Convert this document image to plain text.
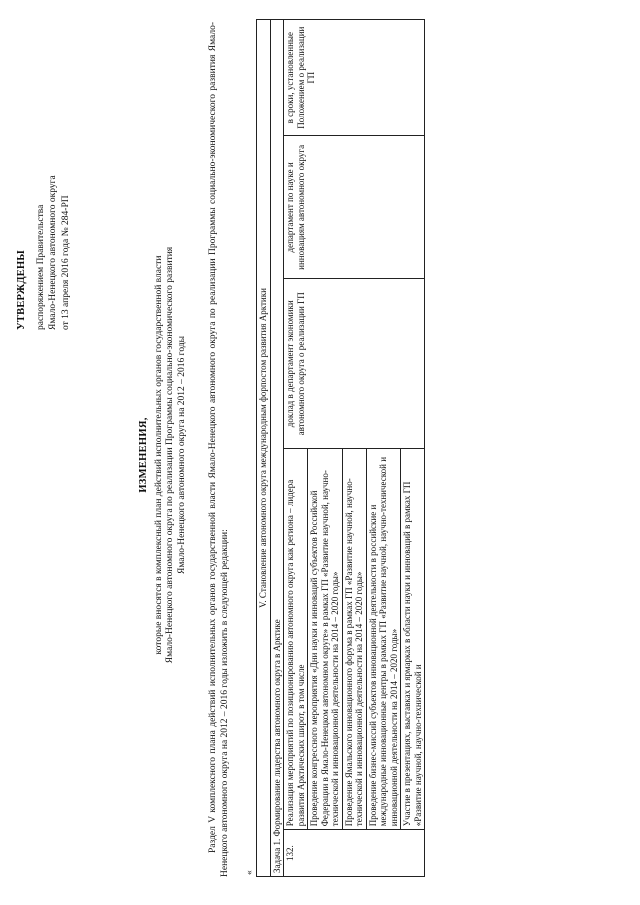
УТВЕРЖДЕНЫ распоряжением Правительства Ямало-Ненецкого автономного округа от 13 апреля 2016 года № 284-РП
ИЗМЕНЕНИЯ, которые вносятся в комплексный план действий исполнительных органов государственной власти Ямало-Ненецкого автономного округа по реализации Программы социально-экономического развития Ямало-Ненецкого автономного округа на 2012 – 2016 годы Раздел V комплексного плана действий исполнительных органов государственной власти Ямало-Ненецкого автономного округа по реализации Программы социально-экономического развития Ямало-Ненецкого автономного округа на 2012 – 2016 годы изложить в следующей редакции: «
V. Становление автономного округа международным форпостом развития Арктики
Задача 1. Формирование лидерства автономного округа в Арктике
132.	Реализация мероприятий по позиционированию автономного округа как региона – лидера развития Арктических широт, в том числе	доклад в департамент экономики автономного округа о реализации ГП	департамент по науке и инновациям автономного округа	в сроки, установленные Положением о реализации ГП
Проведение конгрессного мероприятия «Дни науки и инноваций субъектов Российской Федерации в Ямало-Ненецком автономном округе» в рамках ГП «Развитие научной, научно-технической и инновационной деятельности на 2014 – 2020 годы»
Проведение Ямальского инновационного форума в рамках ГП «Развитие научной, научно-технической и инновационной деятельности на 2014 – 2020 годы»
Проведение бизнес-миссий субъектов инновационной деятельности в российские и международные инновационные центры в рамках ГП «Развитие научной, научно-технической и инновационной деятельности на 2014 – 2020 годы»
Участие в презентациях, выставках и ярмарках в области науки и инноваций в рамках ГП «Развитие научной, научно-технической и
